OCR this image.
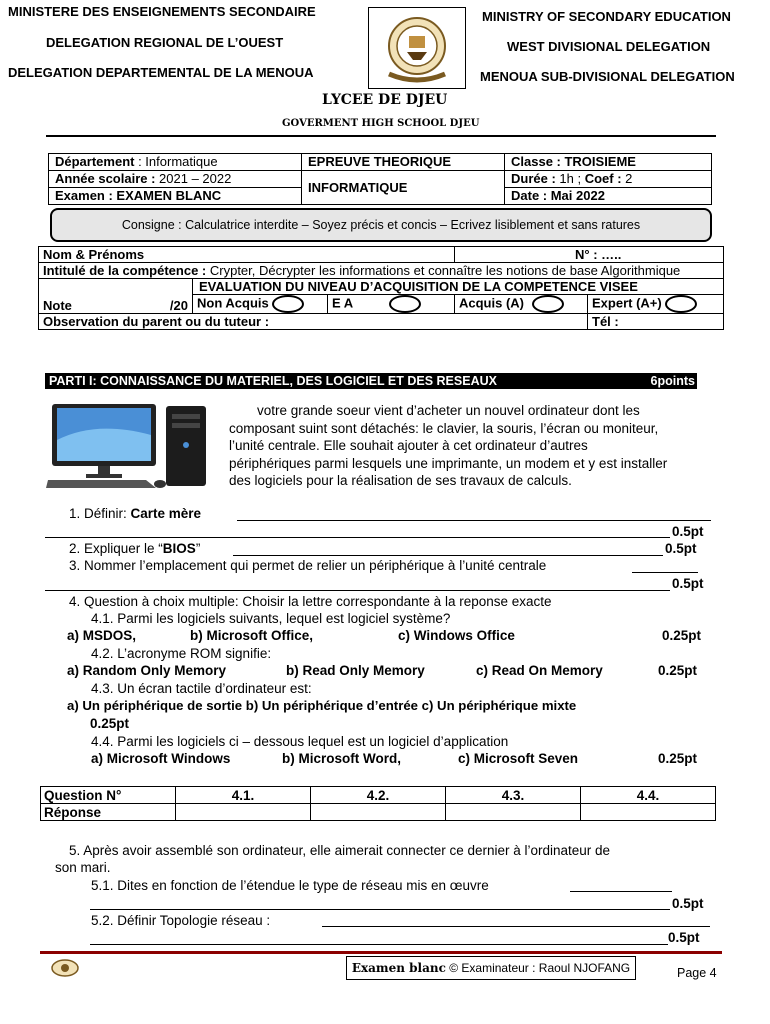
MINISTERE DES ENSEIGNEMENTS SECONDAIRE
DELEGATION REGIONAL DE L’OUEST
DELEGATION DEPARTEMENTAL DE LA MENOUA
MINISTRY OF SECONDARY EDUCATION
WEST DIVISIONAL DELEGATION
MENOUA SUB-DIVISIONAL DELEGATION
LYCEE DE DJEU
GOVERMENT HIGH SCHOOL DJEU
Département : Informatique	EPREUVE THEORIQUE	Classe : TROISIEME
Année scolaire : 2021 – 2022	INFORMATIQUE	Durée : 1h ; Coef : 2
Examen : EXAMEN BLANC		Date : Mai 2022
Consigne : Calculatrice interdite – Soyez précis et concis – Ecrivez lisiblement et sans ratures
Nom & Prénoms			N° : …..	
Intitulé de la compétence : Crypter, Décrypter les informations et connaître les notions de base Algorithmique				
Note /20	EVALUATION DU NIVEAU D’ACQUISITION DE LA COMPETENCE VISEE			
	Non Acquis	E A	Acquis (A)	Expert (A+)
Observation du parent ou du tuteur :				Tél :
PARTI I: CONNAISSANCE DU MATERIEL, DES LOGICIEL ET DES RESEAUX	6points
votre grande soeur vient d’acheter un nouvel ordinateur dont les
composant suint sont détachés: le clavier, la souris, l’écran ou moniteur,
l’unité centrale. Elle souhait ajouter à cet ordinateur d’autres
périphériques parmi lesquels une imprimante, un modem et y est installer
des logiciels pour la réalisation de ses travaux de calculs.
1. Définir: Carte mère
0.5pt
2. Expliquer le “BIOS”	0.5pt
3. Nommer l’emplacement qui permet de relier un périphérique à l’unité centrale
0.5pt
4. Question à choix multiple: Choisir la lettre correspondante à la reponse exacte
4.1. Parmi les logiciels suivants, lequel est logiciel système?
a) MSDOS,	b) Microsoft Office,	c) Windows Office	0.25pt
4.2. L’acronyme ROM signifie:
a) Random Only Memory	b) Read Only Memory	c) Read On Memory	0.25pt
4.3. Un écran tactile d’ordinateur est:
a) Un périphérique de sortie b) Un périphérique d’entrée c) Un périphérique mixte
0.25pt
4.4. Parmi les logiciels ci – dessous lequel est un logiciel d’application
a) Microsoft Windows	b) Microsoft Word,	c) Microsoft Seven	0.25pt
Question N°	4.1.	4.2.	4.3.	4.4.
Réponse				
5. Après avoir assemblé son ordinateur, elle aimerait connecter ce dernier à l’ordinateur de
son mari.
5.1. Dites en fonction de l’étendue le type de réseau mis en œuvre
0.5pt
5.2. Définir Topologie réseau :
0.5pt
Examen blanc © Examinateur : Raoul NJOFANG	Page 4
